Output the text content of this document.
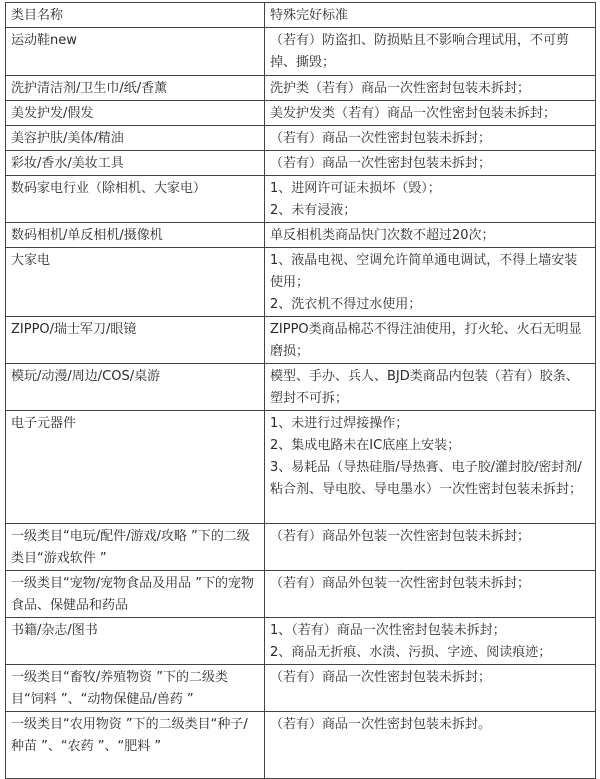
类目名称	特殊完好标准
运动鞋new	（若有）防盗扣、防损贴且不影响合理试用，不可剪掉、撕毁；

洗护清洁剂/卫生巾/纸/香薰	洗护类（若有）商品一次性密封包装未拆封；

美发护发/假发	美发护发类（若有）商品一次性密封包装未拆封；

美容护肤/美体/精油	（若有）商品一次性密封包装未拆封；

彩妆/香水/美妆工具	（若有）商品一次性密封包装未拆封；

数码家电行业（除相机、大家电）	1、进网许可证未损坏（毁）；
2、未有浸液；

数码相机/单反相机/摄像机	单反相机类商品快门次数不超过20次；

大家电	1、液晶电视、空调允许简单通电调试，不得上墙安装使用；
2、洗衣机不得过水使用；

ZIPPO/瑞士军刀/眼镜	ZIPPO类商品棉芯不得注油使用，打火轮、火石无明显磨损；

模玩/动漫/周边/COS/桌游	模型、手办、兵人、BJD类商品内包装（若有）胶条、塑封不可拆；

电子元器件	1、未进行过焊接操作；
2、集成电路未在IC底座上安装；
3、易耗品（导热硅脂/导热膏、电子胶/灌封胶/密封剂/粘合剂、导电胶、导电墨水）一次性密封包装未拆封；

一级类目“电玩/配件/游戏/攻略 ”下的二级类目“游戏软件 ”	（若有）商品外包装一次性密封包装未拆封；

一级类目“宠物/宠物食品及用品 ”下的宠物食品、保健品和药品	（若有）商品外包装一次性密封包装未拆封；

书籍/杂志/图书	1、（若有）商品一次性密封包装未拆封；
2、商品无折痕、水渍、污损、字迹、阅读痕迹；

一级类目“畜牧/养殖物资 ”下的二级类目“饲料 ”、“动物保健品/兽药 ”	（若有）商品一次性密封包装未拆封；

一级类目“农用物资 ”下的二级类目“种子/种苗 ”、“农药 ”、“肥料 ”	（若有）商品一次性密封包装未拆封。
